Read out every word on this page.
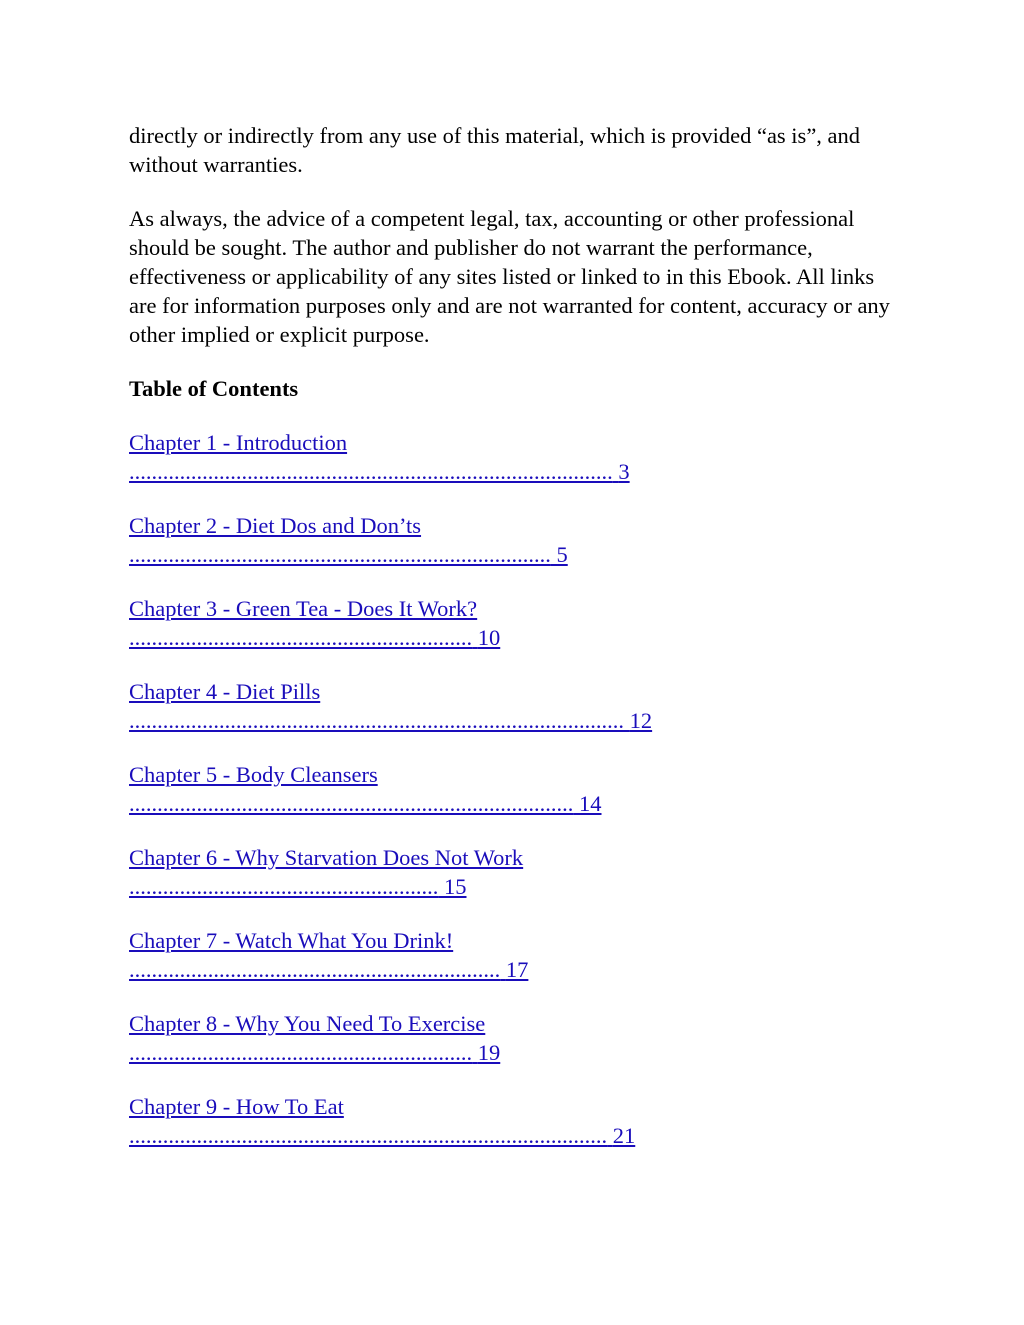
directly or indirectly from any use of this material, which is provided “as is”, and without warranties.

As always, the advice of a competent legal, tax, accounting or other professional should be sought. The author and publisher do not warrant the performance, effectiveness or applicability of any sites listed or linked to in this Ebook. All links are for information purposes only and are not warranted for content, accuracy or any other implied or explicit purpose.

Table of Contents
Chapter 1 - Introduction
...................................................................................... 3
Chapter 2 - Diet Dos and Don’ts
........................................................................... 5
Chapter 3 - Green Tea - Does It Work?
............................................................. 10
Chapter 4 - Diet Pills
........................................................................................ 12
Chapter 5 - Body Cleansers
............................................................................... 14
Chapter 6 - Why Starvation Does Not Work
....................................................... 15
Chapter 7 - Watch What You Drink!
.................................................................. 17
Chapter 8 - Why You Need To Exercise
............................................................. 19
Chapter 9 - How To Eat
..................................................................................... 21
